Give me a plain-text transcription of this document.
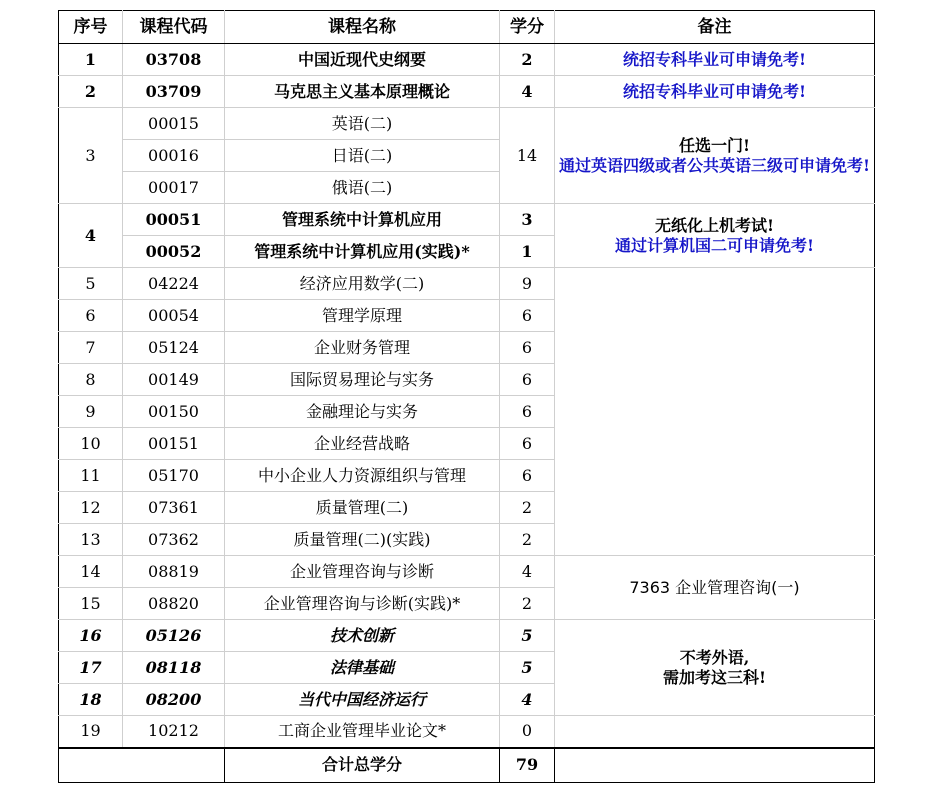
序号	课程代码	课程名称	学分	备注
1	03708	中国近现代史纲要	2	统招专科毕业可申请免考!
2	03709	马克思主义基本原理概论	4	统招专科毕业可申请免考!
3	00015	英语(二)	14	任选一门!
通过英语四级或者公共英语三级可申请免考!

	00016	日语(二)		
	00017	俄语(二)		
4	00051	管理系统中计算机应用	3	无纸化上机考试!
通过计算机国二可申请免考!

	00052	管理系统中计算机应用(实践)*	1	
5	04224	经济应用数学(二)	9	
6	00054	管理学原理	6	
7	05124	企业财务管理	6	
8	00149	国际贸易理论与实务	6	
9	00150	金融理论与实务	6	
10	00151	企业经营战略	6	
11	05170	中小企业人力资源组织与管理	6	
12	07361	质量管理(二)	2	
13	07362	质量管理(二)(实践)	2	
14	08819	企业管理咨询与诊断	4	7363 企业管理咨询(一)
15	08820	企业管理咨询与诊断(实践)*	2	
16	05126	技术创新	5	不考外语,
需加考这三科!

17	08118	法律基础	5	
18	08200	当代中国经济运行	4	
19	10212	工商企业管理毕业论文*	0	
		合计总学分	79	
